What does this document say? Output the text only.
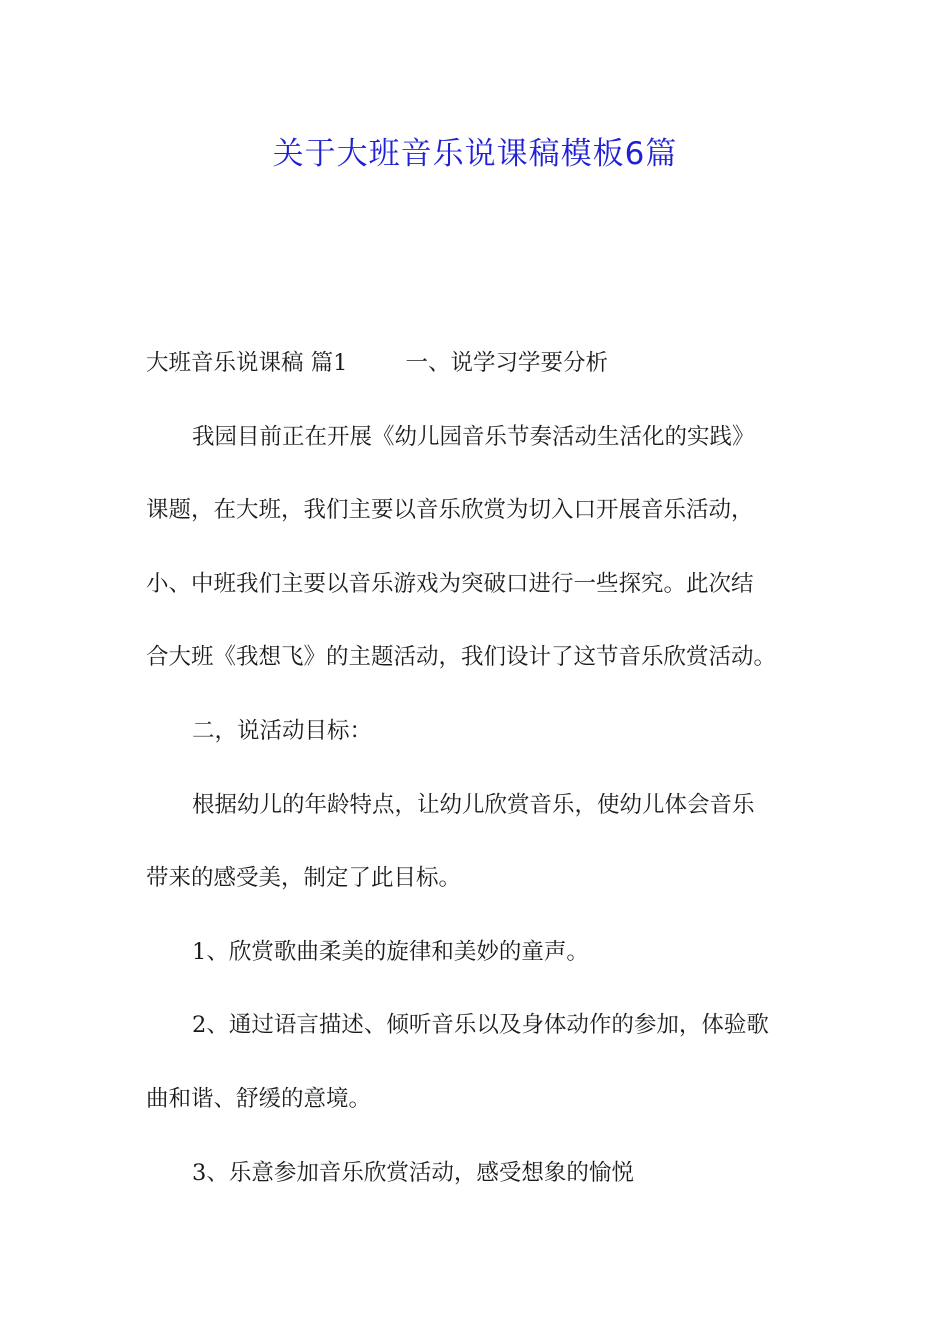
关于大班音乐说课稿模板6篇
大班音乐说课稿 篇1	一、说学习学要分析
我园目前正在开展《幼儿园音乐节奏活动生活化的实践》
课题，在大班，我们主要以音乐欣赏为切入口开展音乐活动，
小、中班我们主要以音乐游戏为突破口进行一些探究。此次结
合大班《我想飞》的主题活动，我们设计了这节音乐欣赏活动。
二，说活动目标：
根据幼儿的年龄特点，让幼儿欣赏音乐，使幼儿体会音乐
带来的感受美，制定了此目标。
1、欣赏歌曲柔美的旋律和美妙的童声。
2、通过语言描述、倾听音乐以及身体动作的参加，体验歌
曲和谐、舒缓的意境。
3、乐意参加音乐欣赏活动，感受想象的愉悦
